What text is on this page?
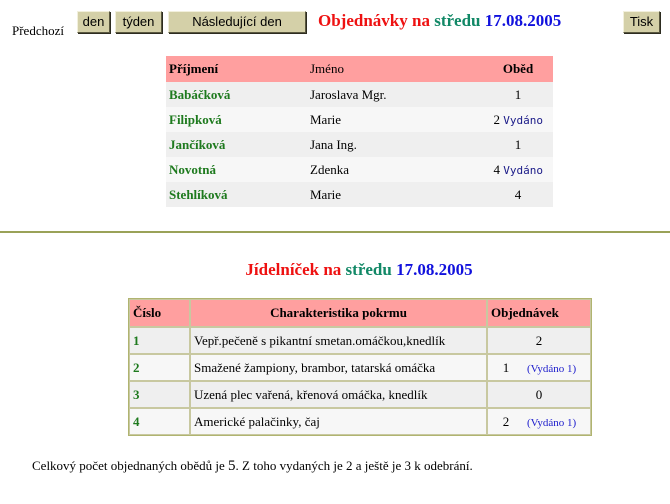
Předchozí
den	týden	Následující den	Objednávky na středu 17.08.2005	Tisk
Příjmení	Jméno	Oběd
Babáčková	Jaroslava Mgr.	1
Filipková	Marie	2 Vydáno
Jančíková	Jana Ing.	1
Novotná	Zdenka	4 Vydáno
Stehlíková	Marie	4
Jídelníček na středu 17.08.2005
Číslo	Charakteristika pokrmu	Objednávek
1	Vepř.pečeně s pikantní smetan.omáčkou,knedlík	2
2	Smažené žampiony, brambor, tatarská omáčka	1 (Vydáno 1)
3	Uzená plec vařená, křenová omáčka, knedlík	0
4	Americké palačinky, čaj	2 (Vydáno 1)
Celkový počet objednaných obědů je 5. Z toho vydaných je 2 a ještě je 3 k odebrání.
